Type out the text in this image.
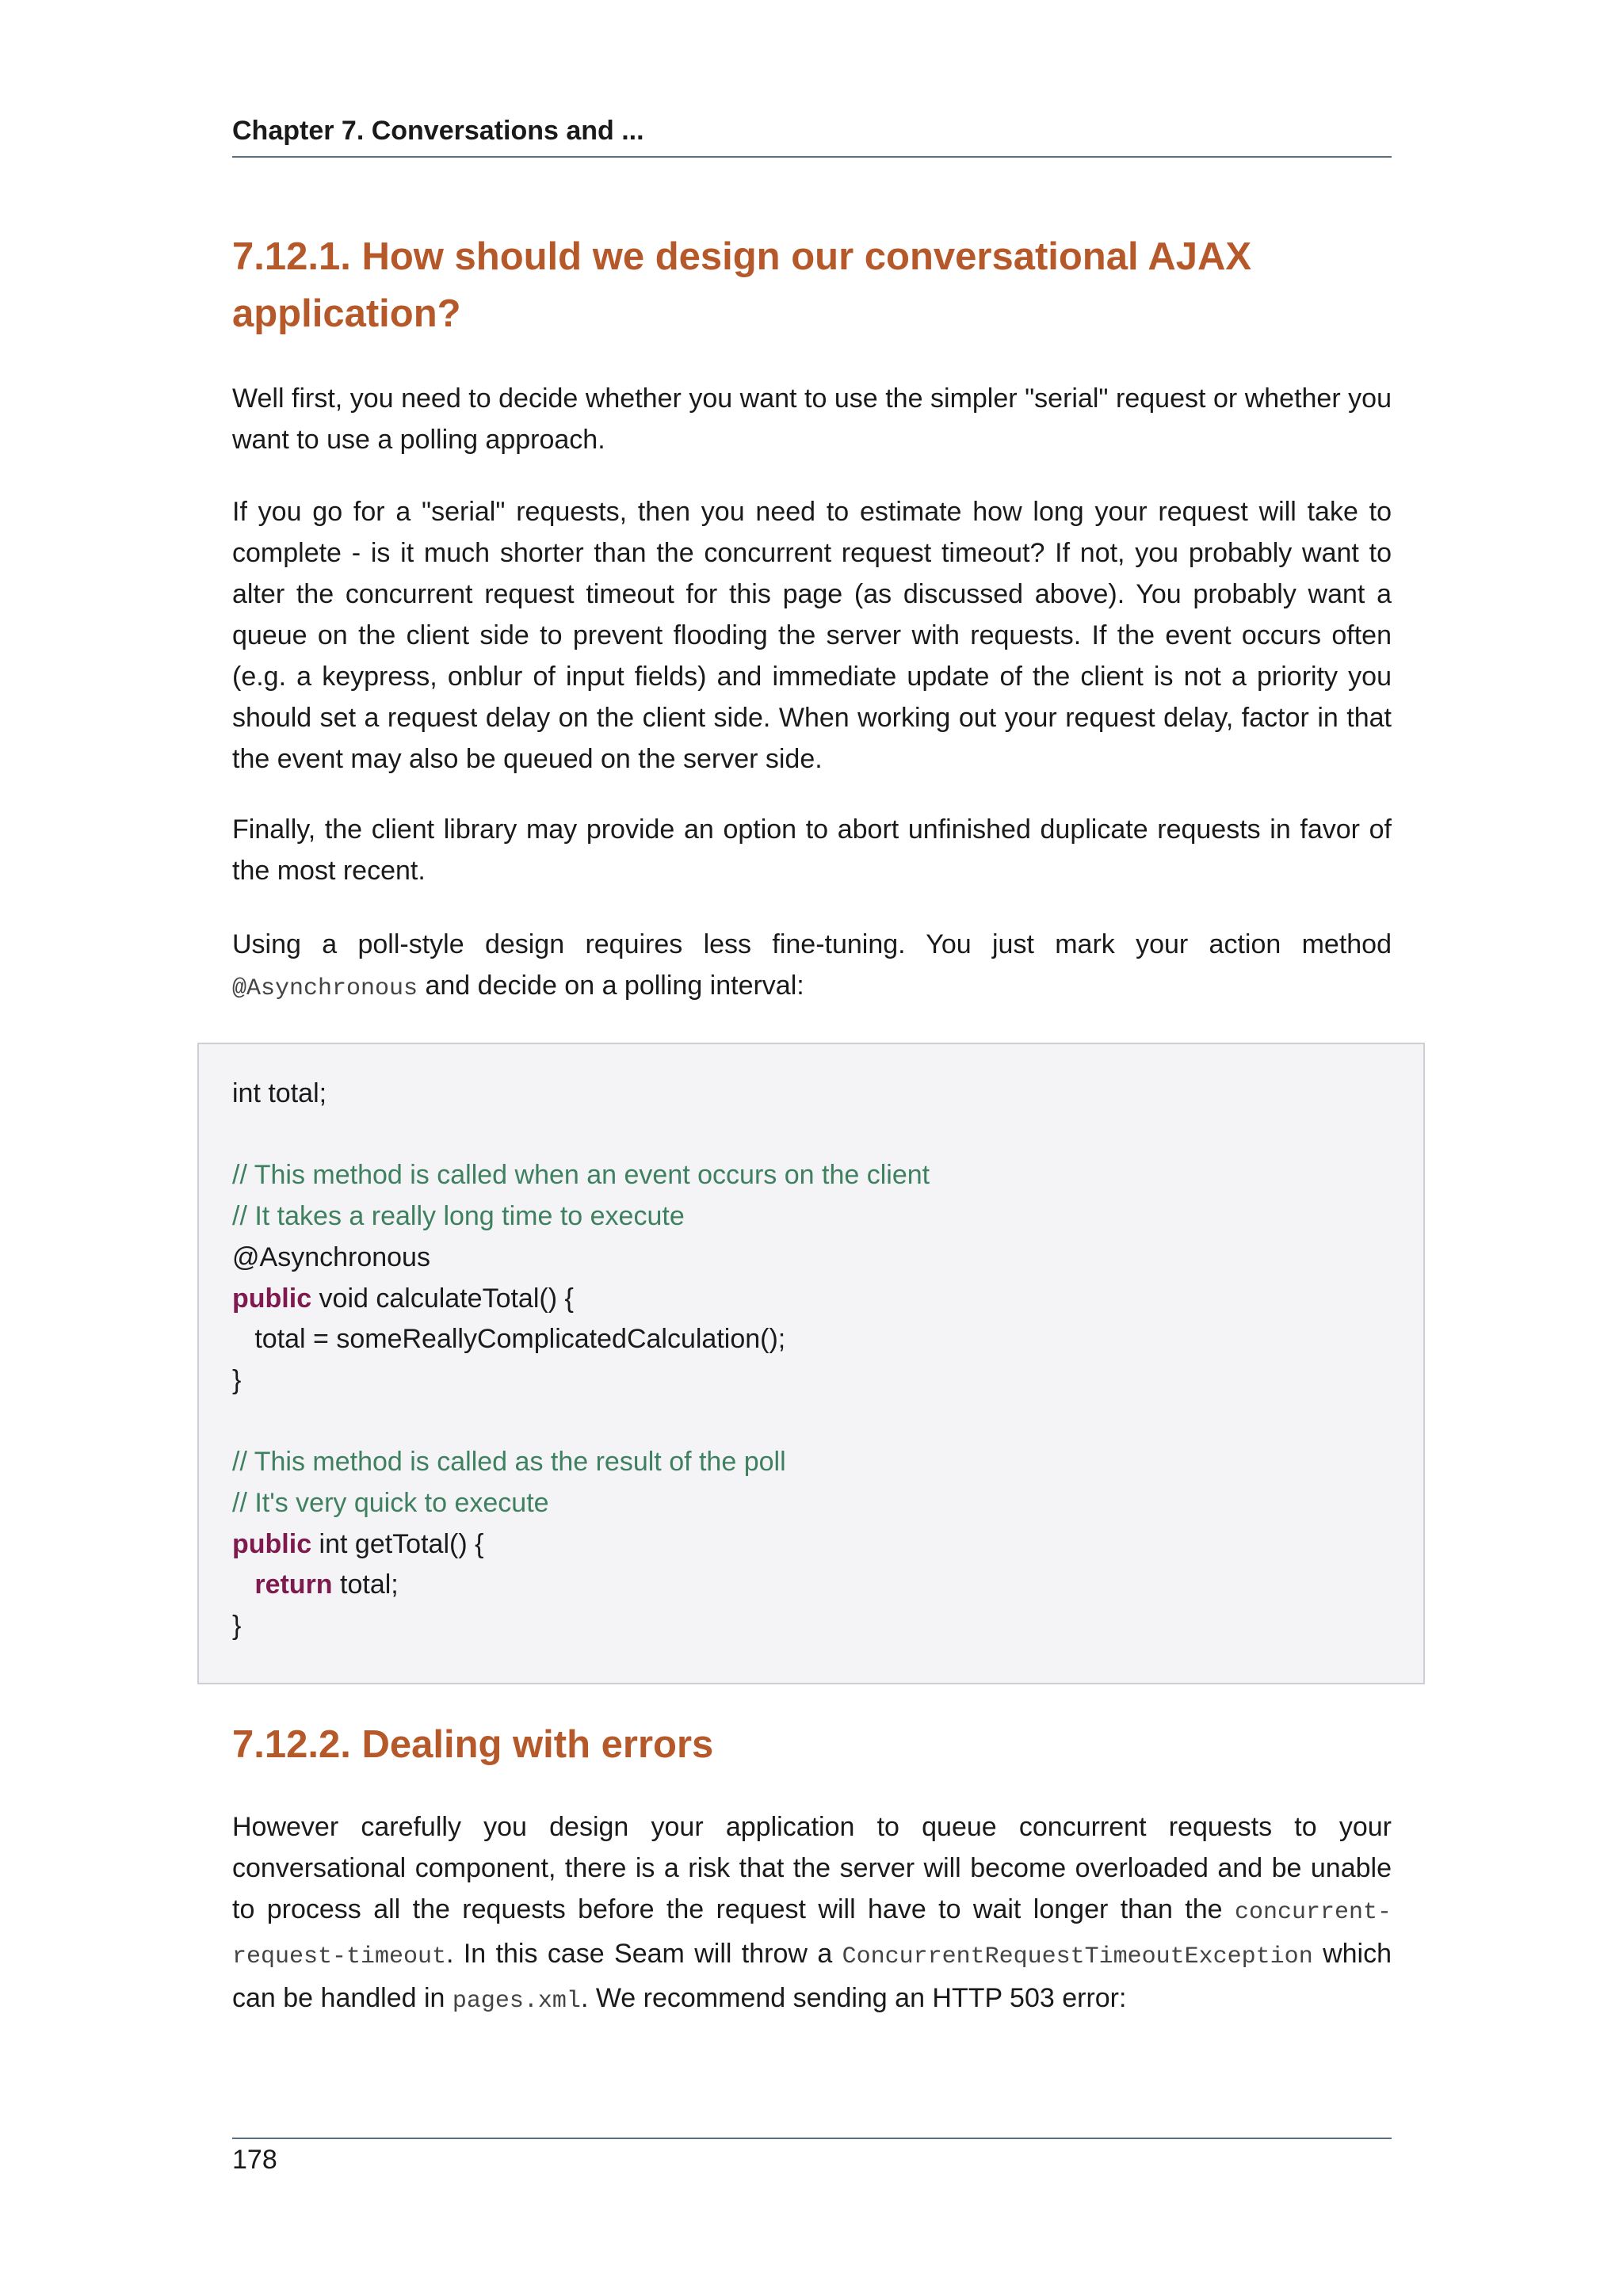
Chapter 7. Conversations and ...
7.12.1. How should we design our conversational AJAX
application?
Well first, you need to decide whether you want to use the simpler "serial" request or whether you want to use a polling approach.
If you go for a "serial" requests, then you need to estimate how long your request will take to complete - is it much shorter than the concurrent request timeout? If not, you probably want to alter the concurrent request timeout for this page (as discussed above). You probably want a queue on the client side to prevent flooding the server with requests. If the event occurs often (e.g. a keypress, onblur of input fields) and immediate update of the client is not a priority you should set a request delay on the client side. When working out your request delay, factor in that the event may also be queued on the server side.
Finally, the client library may provide an option to abort unfinished duplicate requests in favor of the most recent.
Using a poll-style design requires less fine-tuning. You just mark your action method @Asynchronous and decide on a polling interval:
int total;

// This method is called when an event occurs on the client
// It takes a really long time to execute
@Asynchronous
public void calculateTotal() {
total = someReallyComplicatedCalculation();
}

// This method is called as the result of the poll
// It's very quick to execute
public int getTotal() {
return total;
}
7.12.2. Dealing with errors
However carefully you design your application to queue concurrent requests to your conversational component, there is a risk that the server will become overloaded and be unable to process all the requests before the request will have to wait longer than the concurrent-request-timeout. In this case Seam will throw a ConcurrentRequestTimeoutException which can be handled in pages.xml. We recommend sending an HTTP 503 error:
178
